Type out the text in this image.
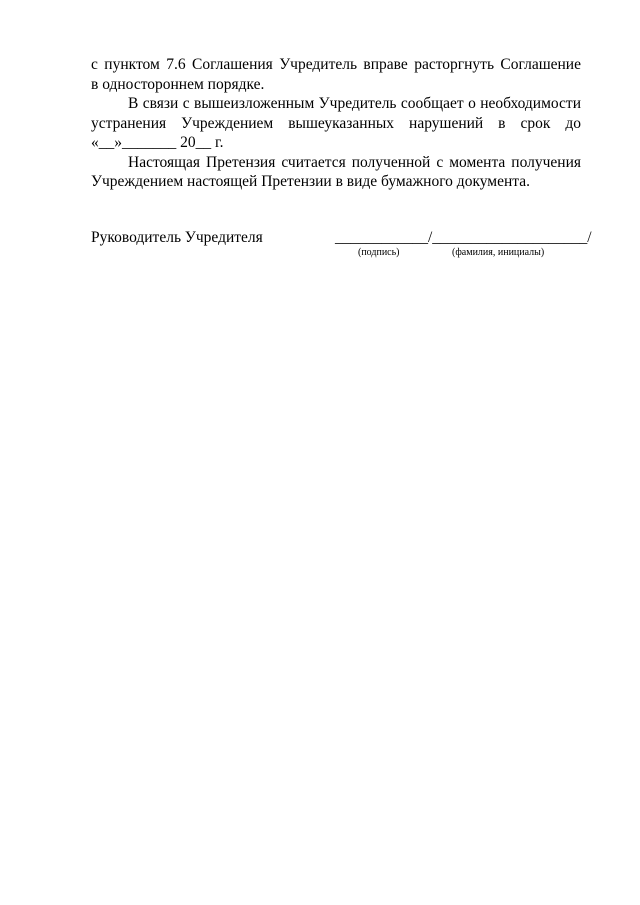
с пунктом 7.6 Соглашения Учредитель вправе расторгнуть Соглашение
в одностороннем порядке.

В связи с вышеизложенным Учредитель сообщает о необходимости
устранения Учреждением вышеуказанных нарушений в срок до
«__»_______ 20__ г.

Настоящая Претензия считается полученной с момента получения
Учреждением настоящей Претензии в виде бумажного документа.

Руководитель Учредителя	____________/____________________/
(подпись)	(фамилия, инициалы)
